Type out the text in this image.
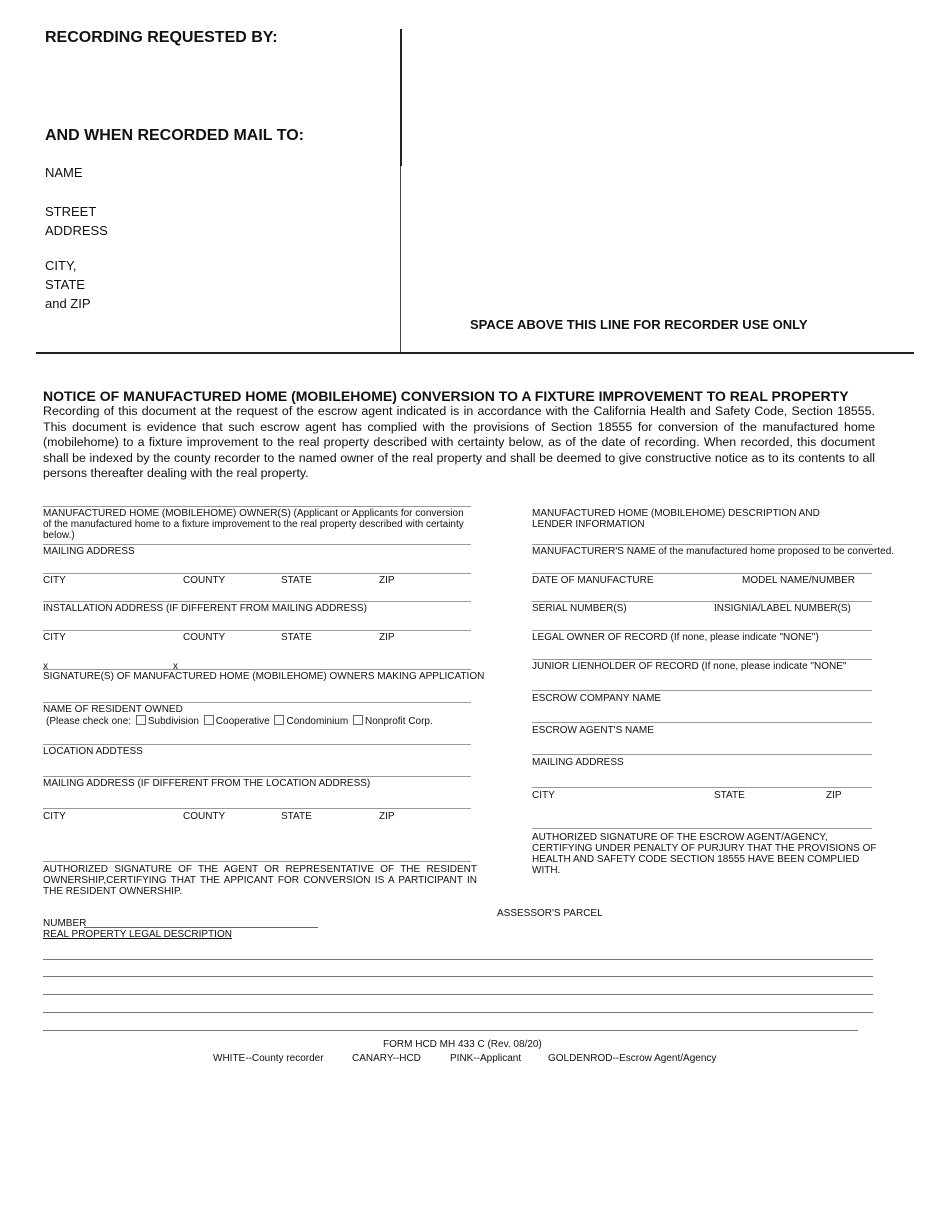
RECORDING REQUESTED BY:
AND WHEN RECORDED MAIL TO:
NAME
STREET
ADDRESS
CITY,
STATE
and ZIP
SPACE ABOVE THIS LINE FOR RECORDER USE ONLY
NOTICE OF MANUFACTURED HOME (MOBILEHOME) CONVERSION TO A FIXTURE IMPROVEMENT TO REAL PROPERTY
Recording of this document at the request of the escrow agent indicated is in accordance with the California Health and Safety Code, Section 18555. This document is evidence that such escrow agent has complied with the provisions of Section 18555 for conversion of the manufactured home (mobilehome) to a fixture improvement to the real property described with certainty below, as of the date of recording. When recorded, this document shall be indexed by the county recorder to the named owner of the real property and shall be deemed to give constructive notice as to its contents to all persons thereafter dealing with the real property.
MANUFACTURED HOME (MOBILEHOME) OWNER(S) (Applicant or Applicants for conversion of the manufactured home to a fixture improvement to the real property described with certainty below.)
MAILING ADDRESS
CITY	COUNTY	STATE	ZIP
INSTALLATION ADDRESS (IF DIFFERENT FROM MAILING ADDRESS)
CITY	COUNTY	STATE	ZIP
x	x
SIGNATURE(S) OF MANUFACTURED HOME (MOBILEHOME) OWNERS MAKING APPLICATION
NAME OF RESIDENT OWNED
(Please check one: Subdivision Cooperative Condominium Nonprofit Corp.
LOCATION ADDTESS
MAILING ADDRESS (IF DIFFERENT FROM THE LOCATION ADDRESS)
CITY	COUNTY	STATE	ZIP
AUTHORIZED SIGNATURE OF THE AGENT OR REPRESENTATIVE OF THE RESIDENT OWNERSHIP,CERTIFYING THAT THE APPICANT FOR CONVERSION IS A PARTICIPANT IN THE RESIDENT OWNERSHIP.
MANUFACTURED HOME (MOBILEHOME) DESCRIPTION AND LENDER INFORMATION
MANUFACTURER'S NAME of the manufactured home proposed to be converted.
DATE OF MANUFACTURE	MODEL NAME/NUMBER
SERIAL NUMBER(S)	INSIGNIA/LABEL NUMBER(S)
LEGAL OWNER OF RECORD (If none, please indicate "NONE")
JUNIOR LIENHOLDER OF RECORD (If none, please indicate "NONE"
ESCROW COMPANY NAME
ESCROW AGENT'S NAME
MAILING ADDRESS
CITY	STATE	ZIP
AUTHORIZED SIGNATURE OF THE ESCROW AGENT/AGENCY, CERTIFYING UNDER PENALTY OF PURJURY THAT THE PROVISIONS OF HEALTH AND SAFETY CODE SECTION 18555 HAVE BEEN COMPLIED WITH.
ASSESSOR'S PARCEL
NUMBER
REAL PROPERTY LEGAL DESCRIPTION
FORM HCD MH 433 C (Rev. 08/20)
WHITE--County recorder	CANARY--HCD	PINK--Applicant	GOLDENROD--Escrow Agent/Agency
